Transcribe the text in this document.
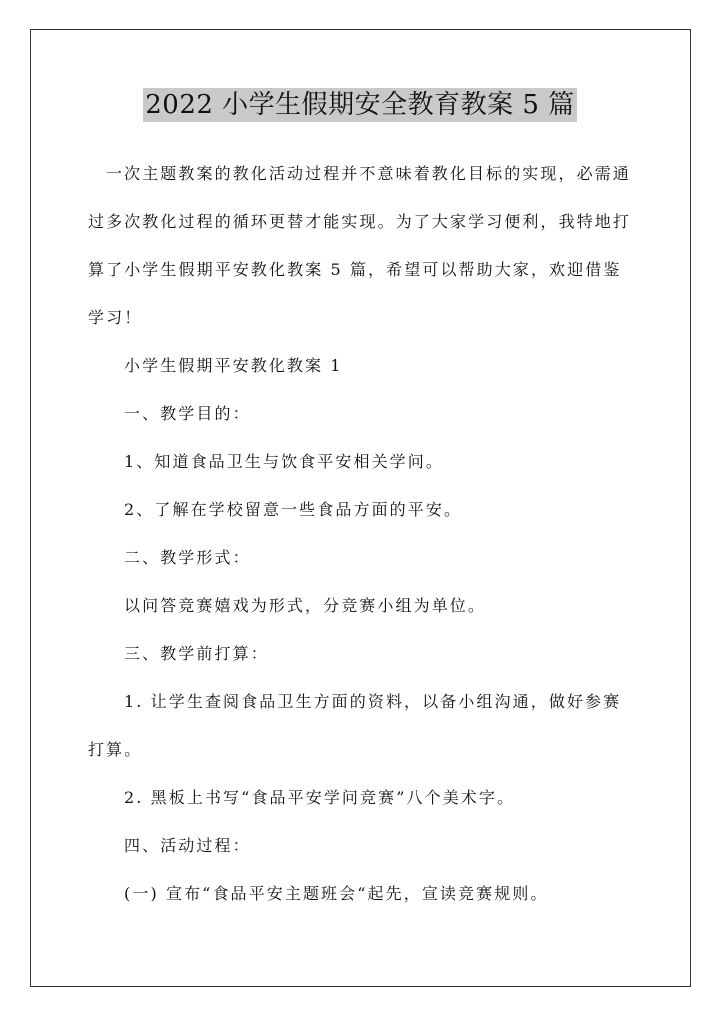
2022 小学生假期安全教育教案 5 篇

一次主题教案的教化活动过程并不意味着教化目标的实现，必需通过多次教化过程的循环更替才能实现。为了大家学习便利，我特地打算了小学生假期平安教化教案 5 篇，希望可以帮助大家，欢迎借鉴学习！

小学生假期平安教化教案 1

一、教学目的：

1、知道食品卫生与饮食平安相关学问。

2、了解在学校留意一些食品方面的平安。

二、教学形式：

以问答竞赛嬉戏为形式，分竞赛小组为单位。

三、教学前打算：

1. 让学生查阅食品卫生方面的资料，以备小组沟通，做好参赛打算。

2. 黑板上书写“食品平安学问竞赛”八个美术字。

四、活动过程：

(一) 宣布“食品平安主题班会“起先，宣读竞赛规则。
